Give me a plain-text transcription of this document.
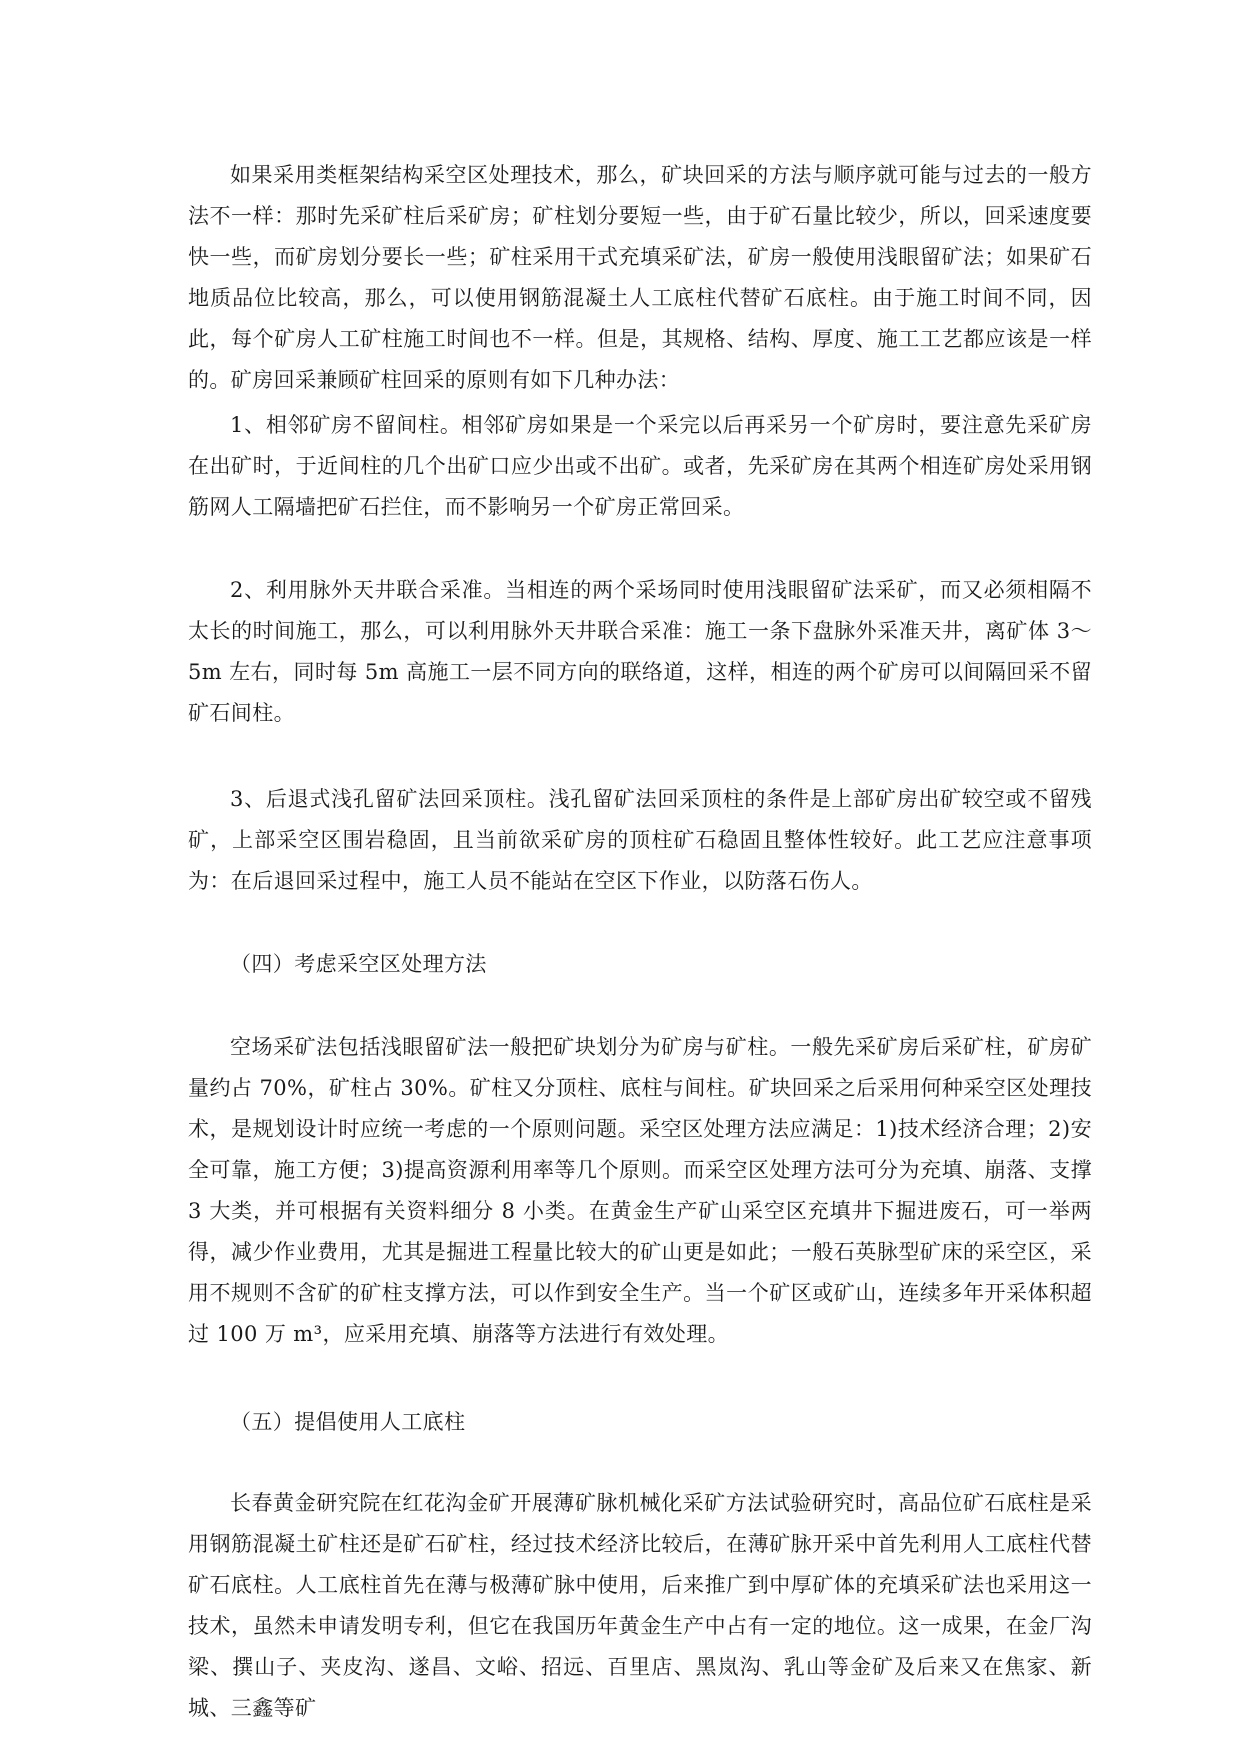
如果采用类框架结构采空区处理技术，那么，矿块回采的方法与顺序就可能与过去的一般方法不一样：那时先采矿柱后采矿房；矿柱划分要短一些，由于矿石量比较少，所以，回采速度要快一些，而矿房划分要长一些；矿柱采用干式充填采矿法，矿房一般使用浅眼留矿法；如果矿石地质品位比较高，那么，可以使用钢筋混凝土人工底柱代替矿石底柱。由于施工时间不同，因此，每个矿房人工矿柱施工时间也不一样。但是，其规格、结构、厚度、施工工艺都应该是一样的。矿房回采兼顾矿柱回采的原则有如下几种办法：

1、相邻矿房不留间柱。相邻矿房如果是一个采完以后再采另一个矿房时，要注意先采矿房在出矿时，于近间柱的几个出矿口应少出或不出矿。或者，先采矿房在其两个相连矿房处采用钢筋网人工隔墙把矿石拦住，而不影响另一个矿房正常回采。

2、利用脉外天井联合采准。当相连的两个采场同时使用浅眼留矿法采矿，而又必须相隔不太长的时间施工，那么，可以利用脉外天井联合采准：施工一条下盘脉外采准天井，离矿体 3～5m 左右，同时每 5m 高施工一层不同方向的联络道，这样，相连的两个矿房可以间隔回采不留矿石间柱。

3、后退式浅孔留矿法回采顶柱。浅孔留矿法回采顶柱的条件是上部矿房出矿较空或不留残矿，上部采空区围岩稳固，且当前欲采矿房的顶柱矿石稳固且整体性较好。此工艺应注意事项为：在后退回采过程中，施工人员不能站在空区下作业，以防落石伤人。

（四）考虑采空区处理方法

空场采矿法包括浅眼留矿法一般把矿块划分为矿房与矿柱。一般先采矿房后采矿柱，矿房矿量约占 70%，矿柱占 30%。矿柱又分顶柱、底柱与间柱。矿块回采之后采用何种采空区处理技术，是规划设计时应统一考虑的一个原则问题。采空区处理方法应满足：1)技术经济合理；2)安全可靠，施工方便；3)提高资源利用率等几个原则。而采空区处理方法可分为充填、崩落、支撑 3 大类，并可根据有关资料细分 8 小类。在黄金生产矿山采空区充填井下掘进废石，可一举两得，减少作业费用，尤其是掘进工程量比较大的矿山更是如此；一般石英脉型矿床的采空区，采用不规则不含矿的矿柱支撑方法，可以作到安全生产。当一个矿区或矿山，连续多年开采体积超过 100 万 m³，应采用充填、崩落等方法进行有效处理。

（五）提倡使用人工底柱

长春黄金研究院在红花沟金矿开展薄矿脉机械化采矿方法试验研究时，高品位矿石底柱是采用钢筋混凝土矿柱还是矿石矿柱，经过技术经济比较后，在薄矿脉开采中首先利用人工底柱代替矿石底柱。人工底柱首先在薄与极薄矿脉中使用，后来推广到中厚矿体的充填采矿法也采用这一技术，虽然未申请发明专利，但它在我国历年黄金生产中占有一定的地位。这一成果，在金厂沟梁、撰山子、夹皮沟、遂昌、文峪、招远、百里店、黑岚沟、乳山等金矿及后来又在焦家、新城、三鑫等矿
